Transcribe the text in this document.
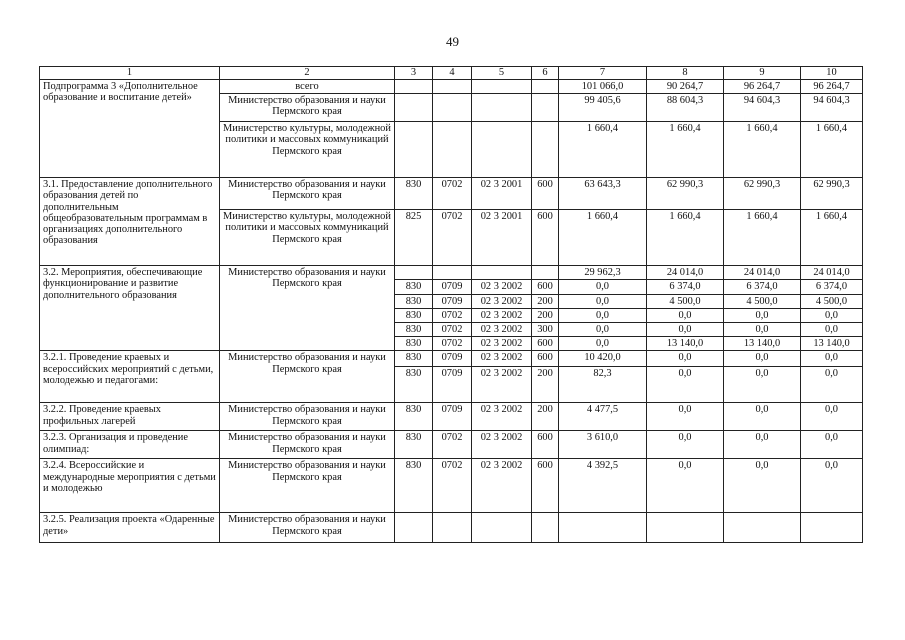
49
1	2	3	4	5	6	7	8	9	10
Подпрограмма 3 «Дополнительное образование и воспитание детей»	всего					101 066,0	90 264,7	96 264,7	96 264,7
	Министерство образования и науки Пермского края					99 405,6	88 604,3	94 604,3	94 604,3
	Министерство культуры, молодежной политики и массовых коммуникаций Пермского края					1 660,4	1 660,4	1 660,4	1 660,4
3.1. Предоставление дополнительного образования детей по дополнительным общеобразовательным программам в организациях дополнительного образования	Министерство образования и науки Пермского края	830	0702	02 3 2001	600	63 643,3	62 990,3	62 990,3	62 990,3
	Министерство культуры, молодежной политики и массовых коммуникаций Пермского края	825	0702	02 3 2001	600	1 660,4	1 660,4	1 660,4	1 660,4
3.2. Мероприятия, обеспечивающие функционирование и развитие дополнительного образования	Министерство образования и науки Пермского края					29 962,3	24 014,0	24 014,0	24 014,0
		830	0709	02 3 2002	600	0,0	6 374,0	6 374,0	6 374,0
		830	0709	02 3 2002	200	0,0	4 500,0	4 500,0	4 500,0
		830	0702	02 3 2002	200	0,0	0,0	0,0	0,0
		830	0702	02 3 2002	300	0,0	0,0	0,0	0,0
		830	0702	02 3 2002	600	0,0	13 140,0	13 140,0	13 140,0
3.2.1. Проведение краевых и всероссийских мероприятий с детьми, молодежью и педагогами:	Министерство образования и науки Пермского края	830	0709	02 3 2002	600	10 420,0	0,0	0,0	0,0
		830	0709	02 3 2002	200	82,3	0,0	0,0	0,0
3.2.2. Проведение краевых профильных лагерей	Министерство образования и науки Пермского края	830	0709	02 3 2002	200	4 477,5	0,0	0,0	0,0
3.2.3. Организация и проведение олимпиад:	Министерство образования и науки Пермского края	830	0702	02 3 2002	600	3 610,0	0,0	0,0	0,0
3.2.4. Всероссийские и международные мероприятия с детьми и молодежью	Министерство образования и науки Пермского края	830	0702	02 3 2002	600	4 392,5	0,0	0,0	0,0
3.2.5. Реализация проекта «Одаренные дети»	Министерство образования и науки Пермского края								
